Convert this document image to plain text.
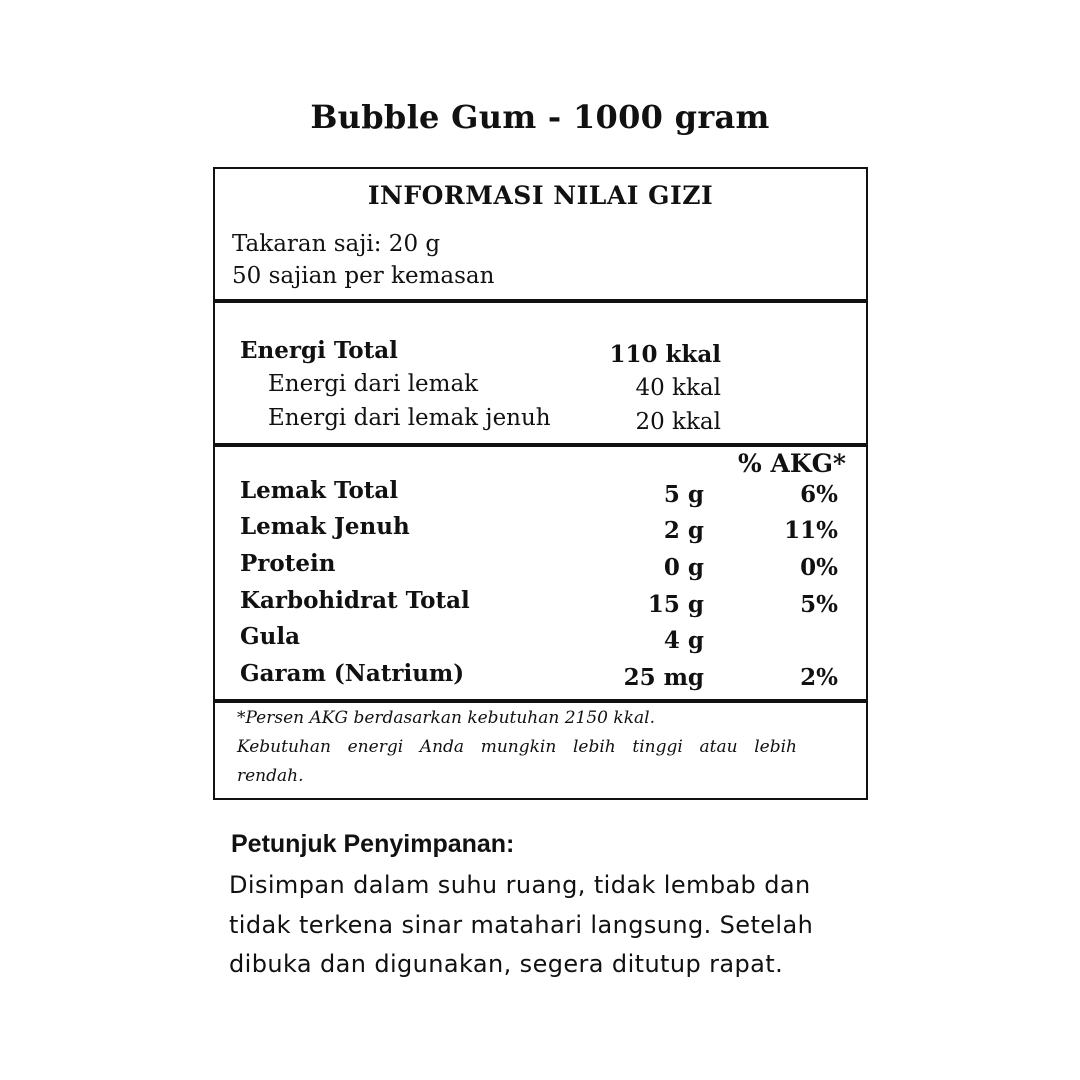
Bubble Gum - 1000 gram
INFORMASI NILAI GIZI
Takaran saji: 20 g
50 sajian per kemasan
Energi Total	110 kkal
Energi dari lemak	40 kkal
Energi dari lemak jenuh	20 kkal
% AKG*
Lemak Total	5 g	6%
Lemak Jenuh	2 g	11%
Protein	0 g	0%
Karbohidrat Total	15 g	5%
Gula	4 g
Garam (Natrium)	25 mg	2%
*Persen AKG berdasarkan kebutuhan 2150 kkal.
Kebutuhan energi Anda mungkin lebih tinggi atau lebih
rendah.
Petunjuk Penyimpanan:
Disimpan dalam suhu ruang, tidak lembab dan
tidak terkena sinar matahari langsung. Setelah
dibuka dan digunakan, segera ditutup rapat.
